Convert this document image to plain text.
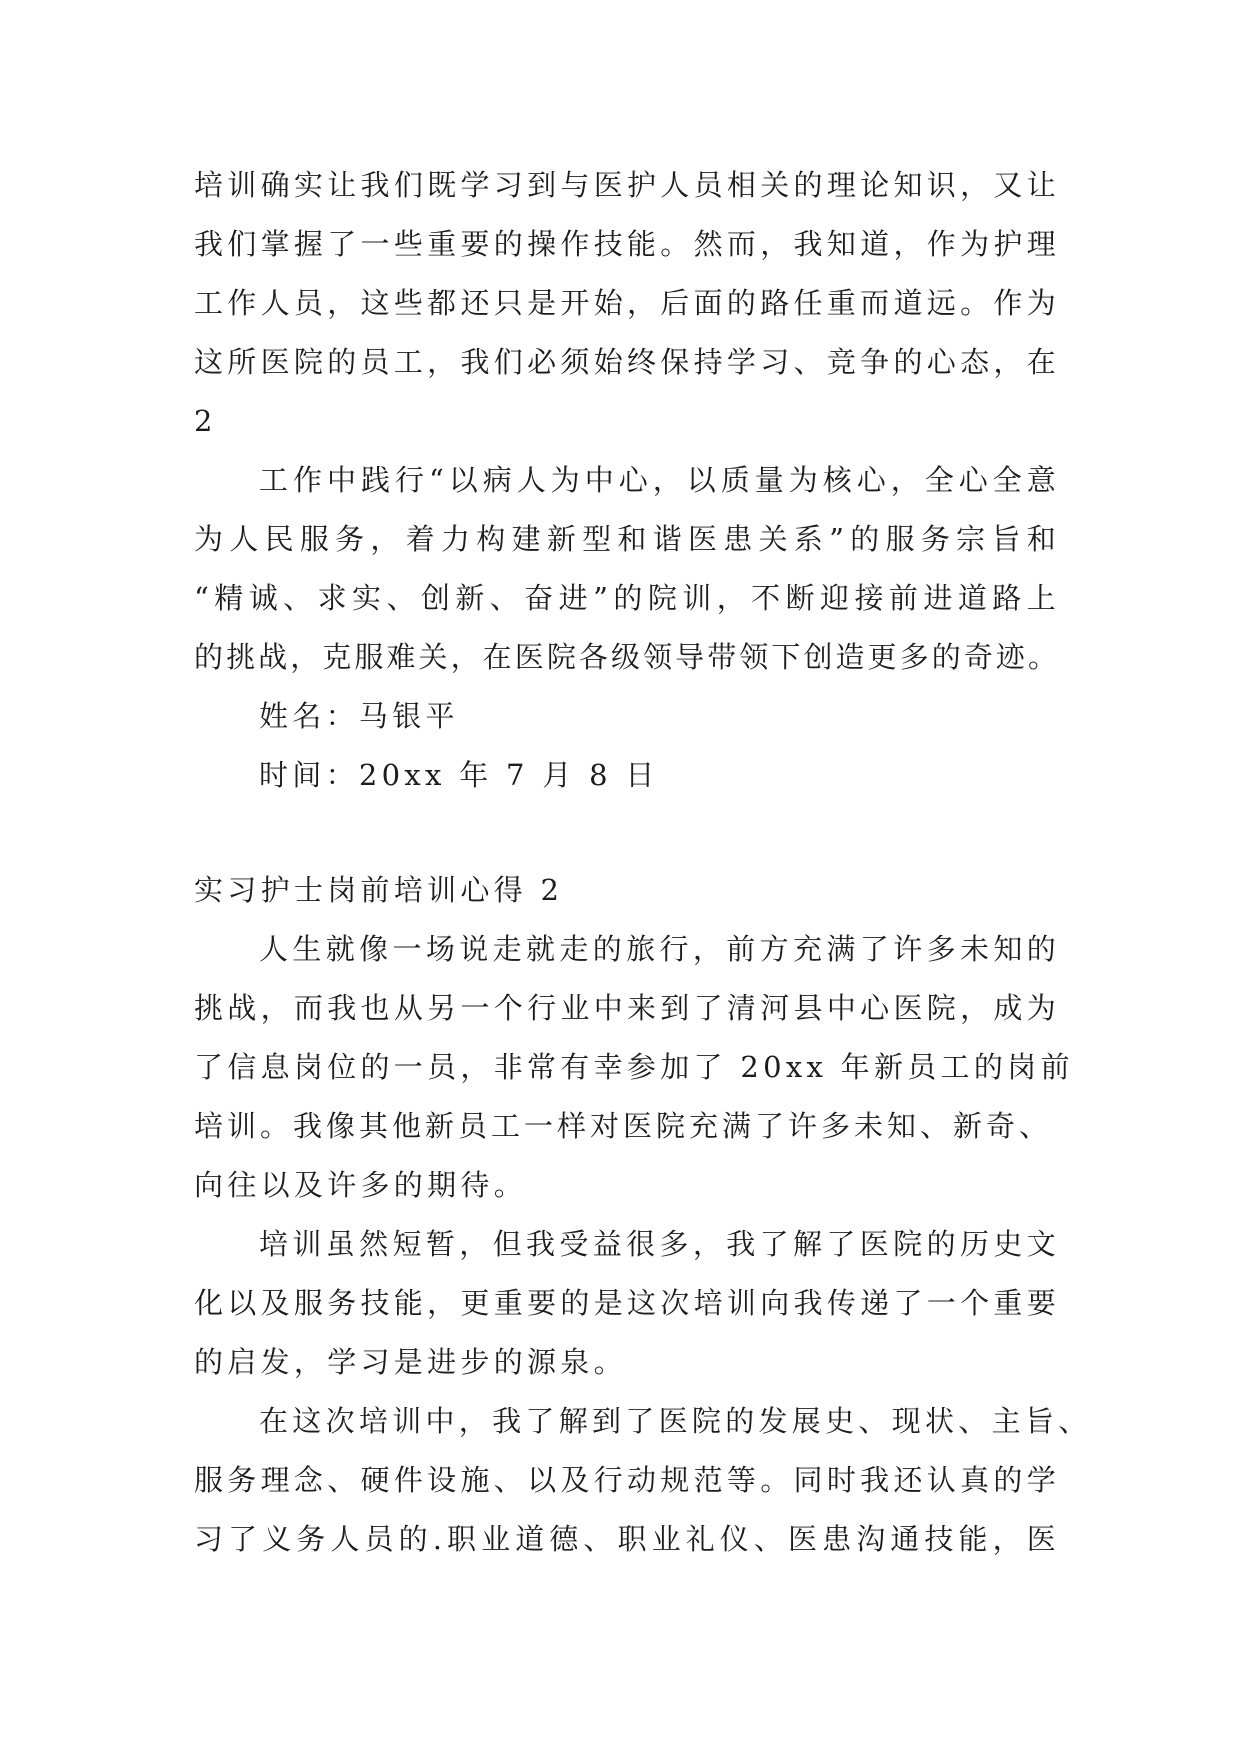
培训确实让我们既学习到与医护人员相关的理论知识，又让
我们掌握了一些重要的操作技能。然而，我知道，作为护理
工作人员，这些都还只是开始，后面的路任重而道远。作为
这所医院的员工，我们必须始终保持学习、竞争的心态，在
2
工作中践行“以病人为中心，以质量为核心，全心全意
为人民服务，着力构建新型和谐医患关系”的服务宗旨和
“精诚、求实、创新、奋进”的院训，不断迎接前进道路上
的挑战，克服难关，在医院各级领导带领下创造更多的奇迹。
姓名：马银平
时间：20xx 年 7 月 8 日
实习护士岗前培训心得 2
人生就像一场说走就走的旅行，前方充满了许多未知的
挑战，而我也从另一个行业中来到了清河县中心医院，成为
了信息岗位的一员，非常有幸参加了 20xx 年新员工的岗前
培训。我像其他新员工一样对医院充满了许多未知、新奇、
向往以及许多的期待。
培训虽然短暂，但我受益很多，我了解了医院的历史文
化以及服务技能，更重要的是这次培训向我传递了一个重要
的启发，学习是进步的源泉。
在这次培训中，我了解到了医院的发展史、现状、主旨、
服务理念、硬件设施、以及行动规范等。同时我还认真的学
习了义务人员的.职业道德、职业礼仪、医患沟通技能，医
